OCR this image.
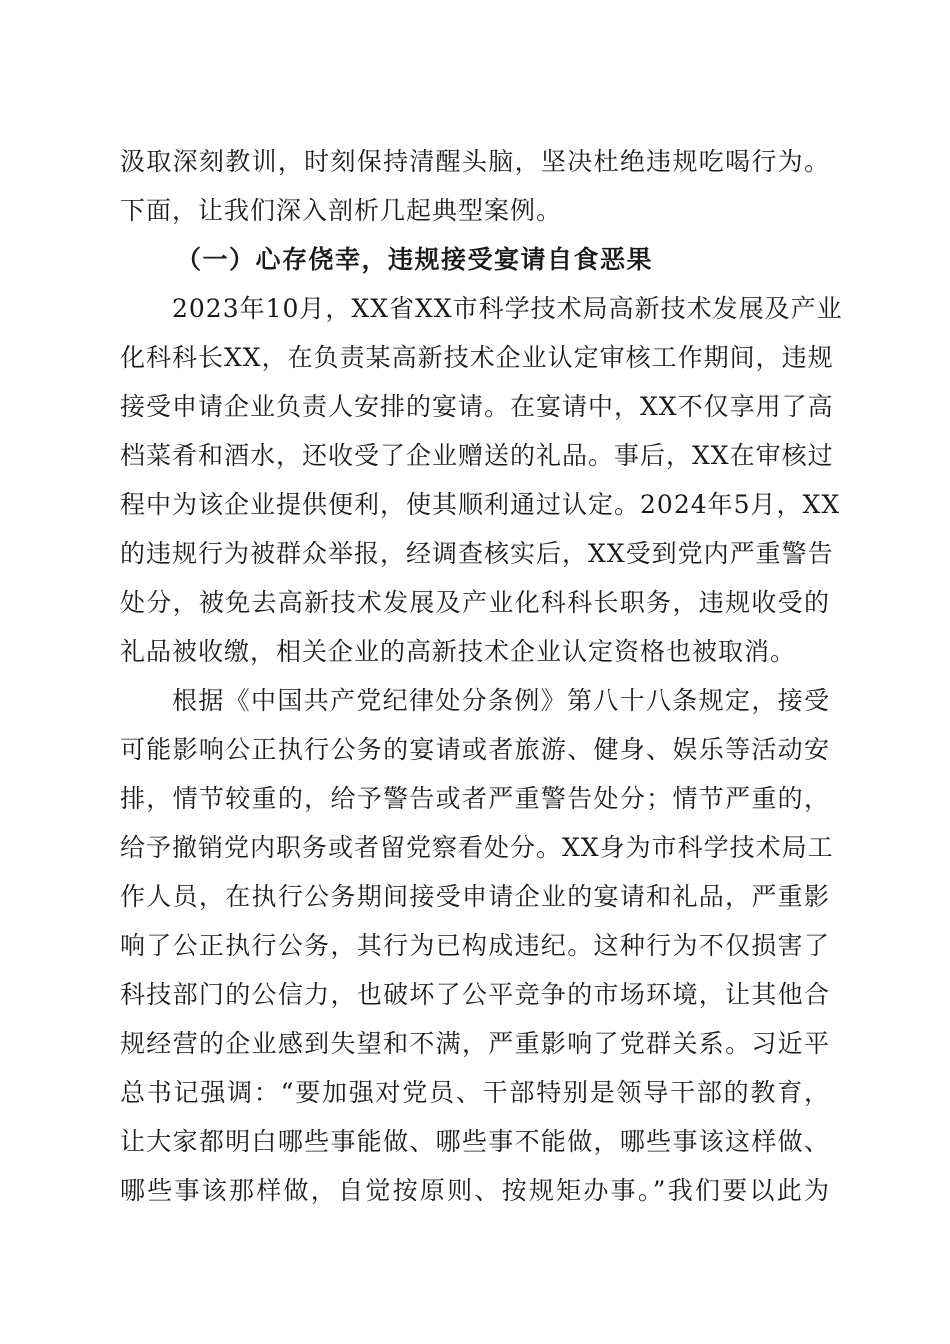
汲取深刻教训，时刻保持清醒头脑，坚决杜绝违规吃喝行为。
下面，让我们深入剖析几起典型案例。
（一）心存侥幸，违规接受宴请自食恶果
2023年10月，XX省XX市科学技术局高新技术发展及产业
化科科长XX，在负责某高新技术企业认定审核工作期间，违规
接受申请企业负责人安排的宴请。在宴请中，XX不仅享用了高
档菜肴和酒水，还收受了企业赠送的礼品。事后，XX在审核过
程中为该企业提供便利，使其顺利通过认定。2024年5月，XX
的违规行为被群众举报，经调查核实后，XX受到党内严重警告
处分，被免去高新技术发展及产业化科科长职务，违规收受的
礼品被收缴，相关企业的高新技术企业认定资格也被取消。
根据《中国共产党纪律处分条例》第八十八条规定，接受
可能影响公正执行公务的宴请或者旅游、健身、娱乐等活动安
排，情节较重的，给予警告或者严重警告处分；情节严重的，
给予撤销党内职务或者留党察看处分。XX身为市科学技术局工
作人员，在执行公务期间接受申请企业的宴请和礼品，严重影
响了公正执行公务，其行为已构成违纪。这种行为不仅损害了
科技部门的公信力，也破坏了公平竞争的市场环境，让其他合
规经营的企业感到失望和不满，严重影响了党群关系。习近平
总书记强调：“要加强对党员、干部特别是领导干部的教育，
让大家都明白哪些事能做、哪些事不能做，哪些事该这样做、
哪些事该那样做，自觉按原则、按规矩办事。”我们要以此为
